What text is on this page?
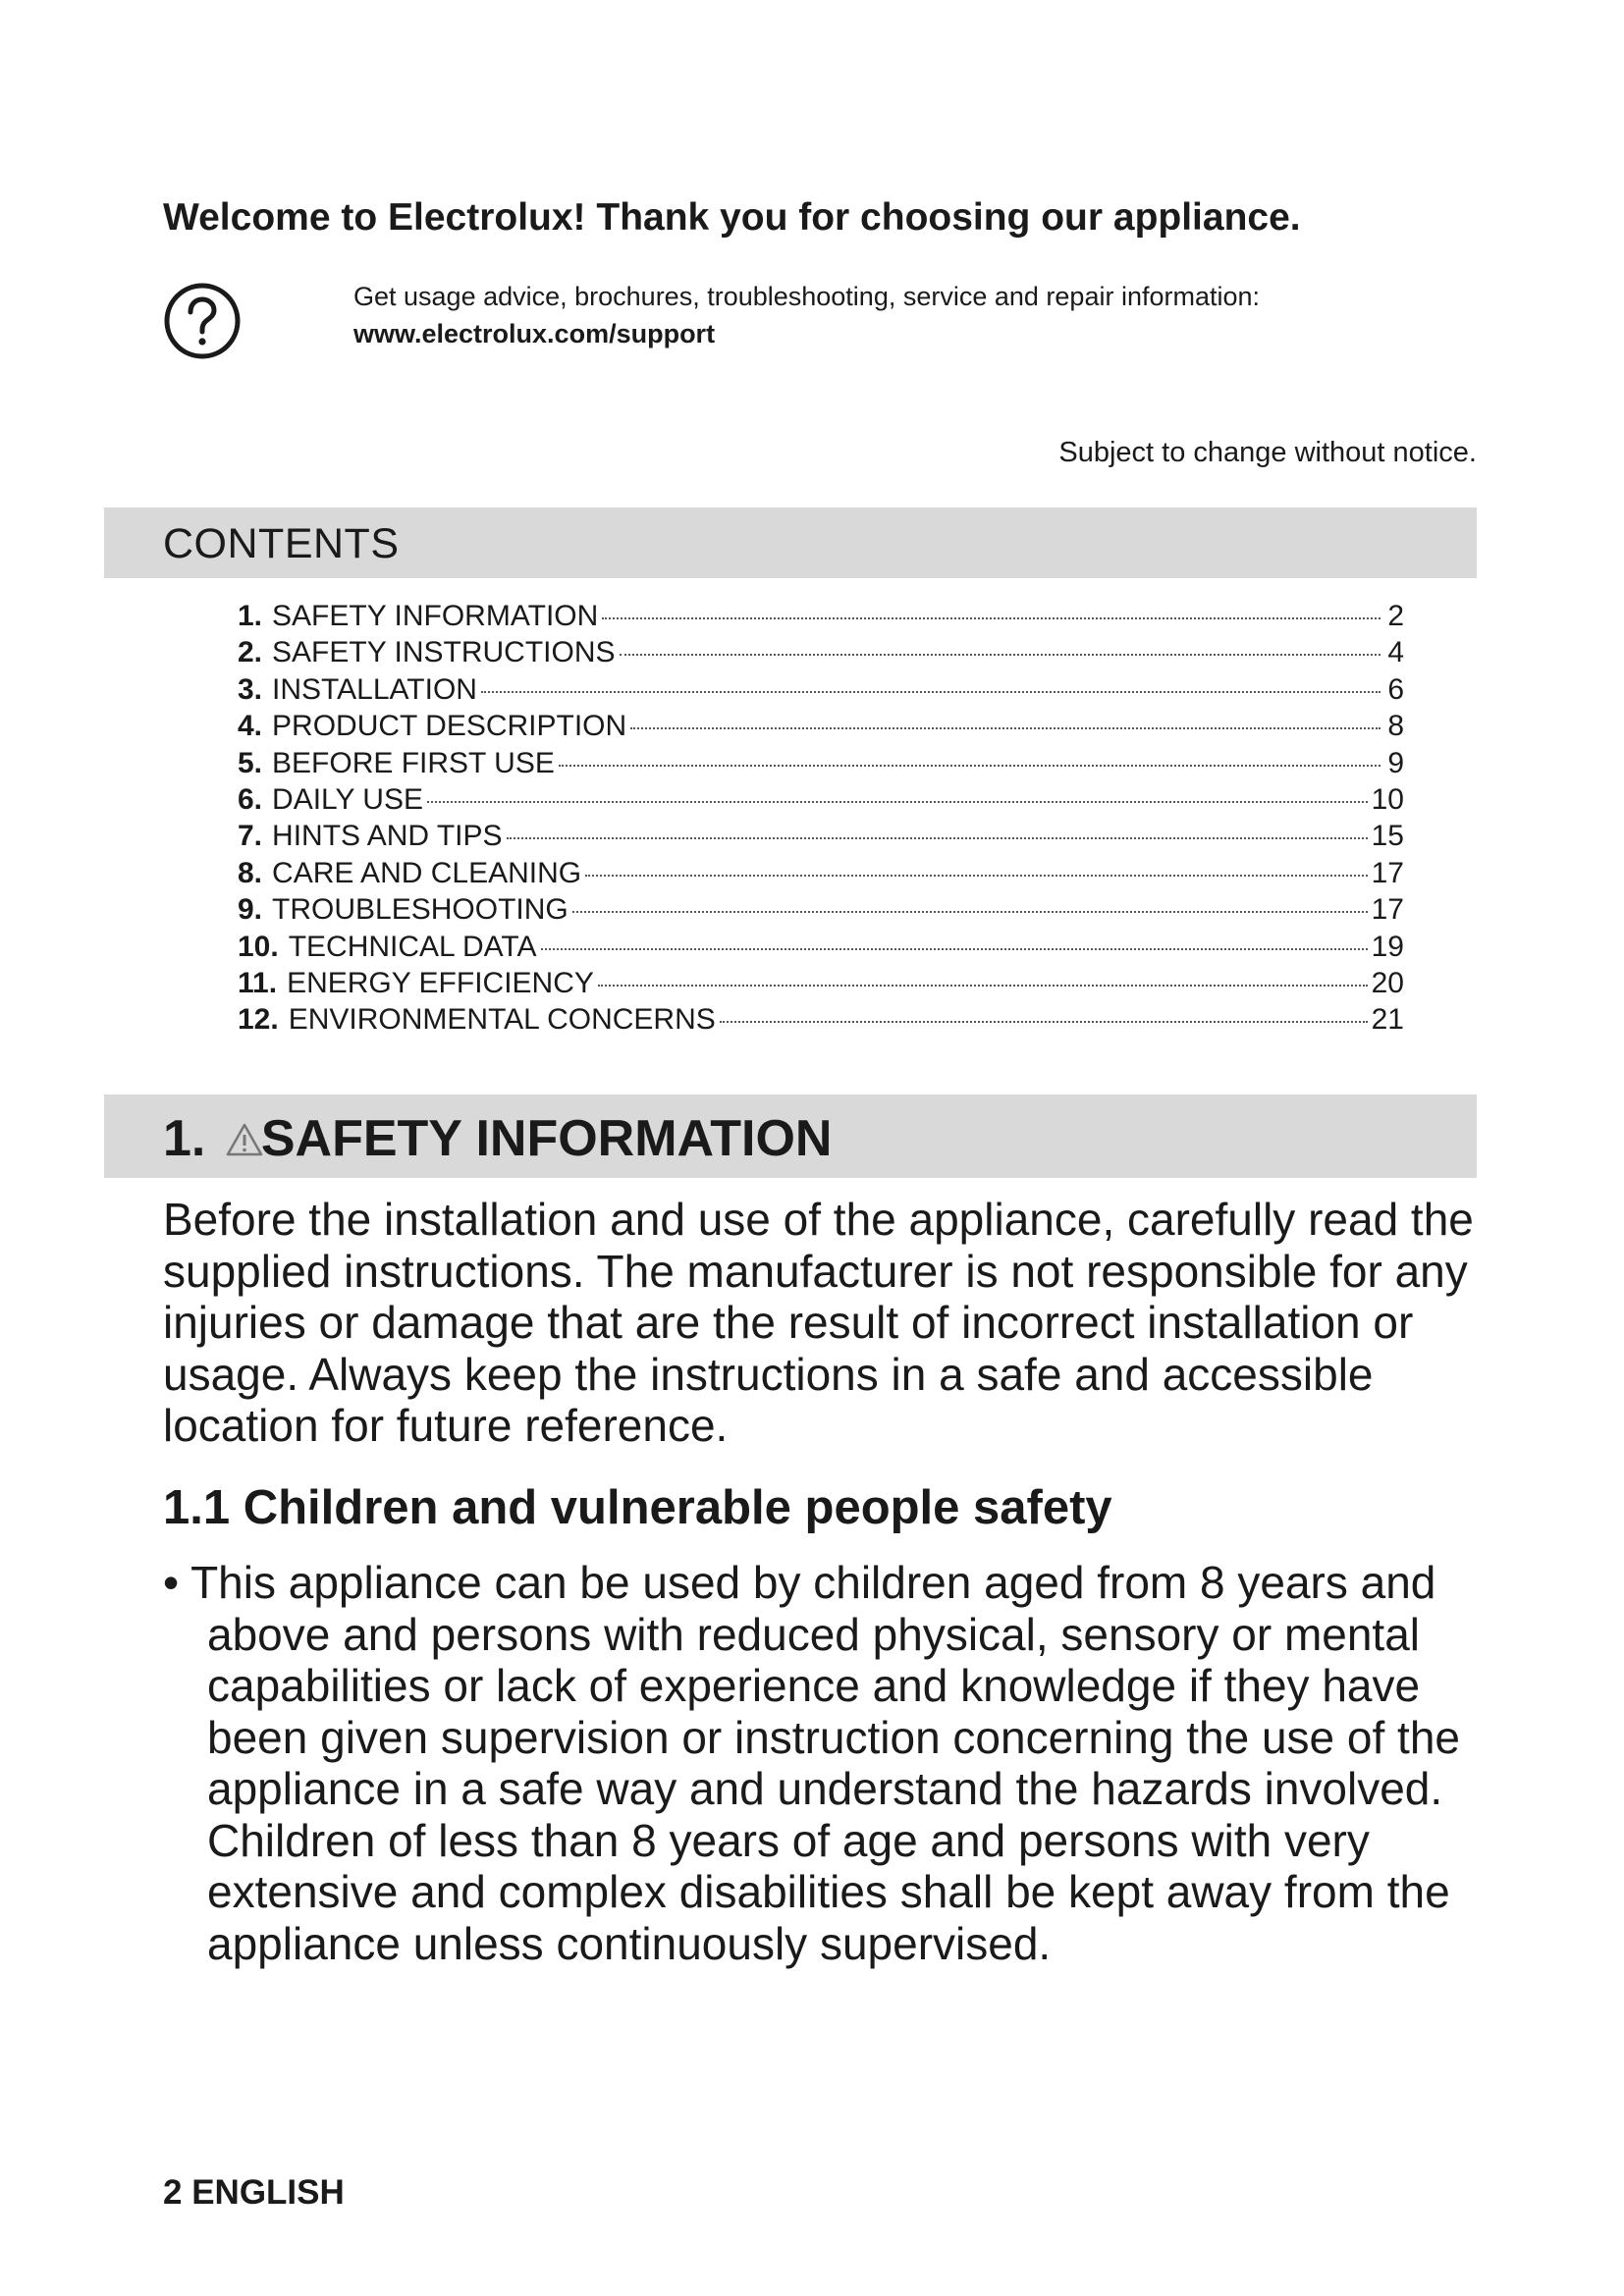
Welcome to Electrolux! Thank you for choosing our appliance.
Get usage advice, brochures, troubleshooting, service and repair information:
www.electrolux.com/support
Subject to change without notice.
CONTENTS
1. SAFETY INFORMATION	2
2. SAFETY INSTRUCTIONS	4
3. INSTALLATION	6
4. PRODUCT DESCRIPTION	8
5. BEFORE FIRST USE	9
6. DAILY USE	10
7. HINTS AND TIPS	15
8. CARE AND CLEANING	17
9. TROUBLESHOOTING	17
10. TECHNICAL DATA	19
11. ENERGY EFFICIENCY	20
12. ENVIRONMENTAL CONCERNS	21
1. SAFETY INFORMATION

Before the installation and use of the appliance, carefully read the supplied instructions. The manufacturer is not responsible for any injuries or damage that are the result of incorrect installation or usage. Always keep the instructions in a safe and accessible location for future reference.

1.1 Children and vulnerable people safety

• This appliance can be used by children aged from 8 years and above and persons with reduced physical, sensory or mental capabilities or lack of experience and knowledge if they have been given supervision or instruction concerning the use of the appliance in a safe way and understand the hazards involved. Children of less than 8 years of age and persons with very extensive and complex disabilities shall be kept away from the appliance unless continuously supervised.

2 ENGLISH
